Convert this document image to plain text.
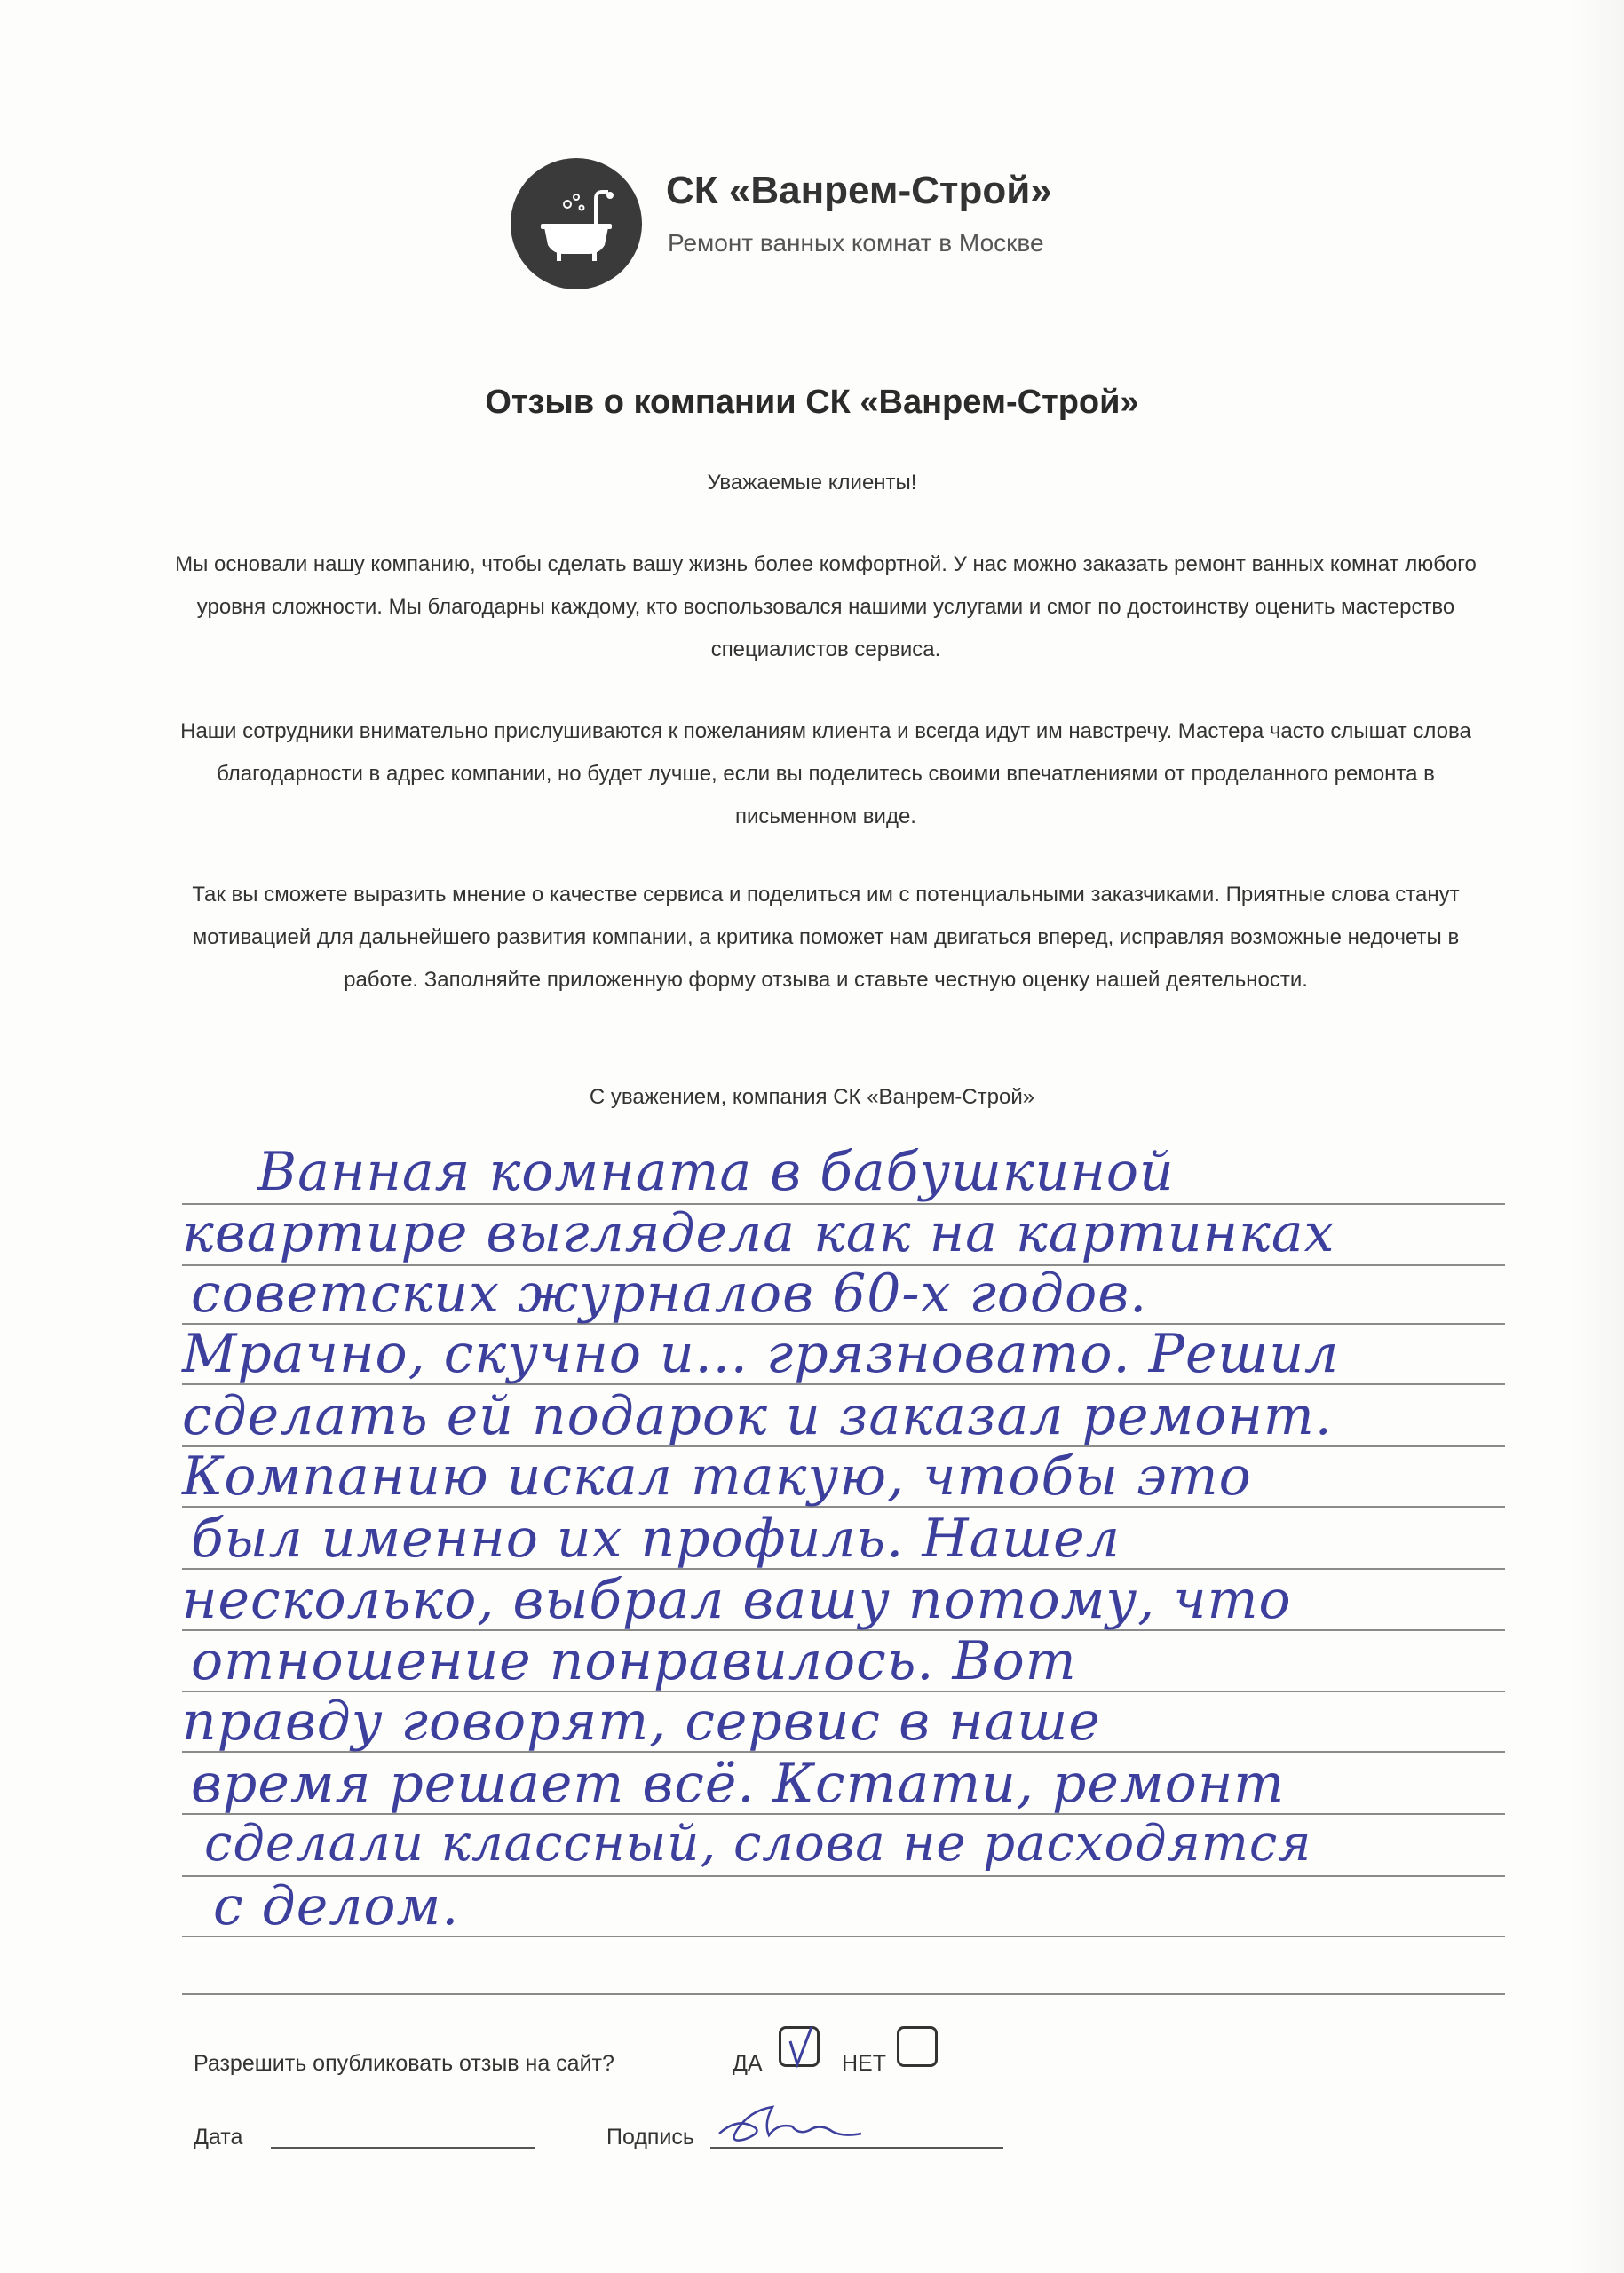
СК «Ванрем-Строй»
Ремонт ванных комнат в Москве
Отзыв о компании СК «Ванрем-Строй»
Уважаемые клиенты!
Мы основали нашу компанию, чтобы сделать вашу жизнь более комфортной. У нас можно заказать ремонт ванных комнат любого уровня сложности. Мы благодарны каждому, кто воспользовался нашими услугами и смог по достоинству оценить мастерство специалистов сервиса.
Наши сотрудники внимательно прислушиваются к пожеланиям клиента и всегда идут им навстречу. Мастера часто слышат слова благодарности в адрес компании, но будет лучше, если вы поделитесь своими впечатлениями от проделанного ремонта в письменном виде.
Так вы сможете выразить мнение о качестве сервиса и поделиться им с потенциальными заказчиками. Приятные слова станут мотивацией для дальнейшего развития компании, а критика поможет нам двигаться вперед, исправляя возможные недочеты в работе. Заполняйте приложенную форму отзыва и ставьте честную оценку нашей деятельности.
С уважением, компания СК «Ванрем-Строй»
Ванная комната в бабушкиной
квартире выглядела как на картинках
советских журналов 60-х годов.
Мрачно, скучно и... грязновато. Решил
сделать ей подарок и заказал ремонт.
Компанию искал такую, чтобы это
был именно их профиль. Нашел
несколько, выбрал вашу потому, что
отношение понравилось. Вот
правду говорят, сервис в наше
время решает всё. Кстати, ремонт
сделали классный, слова не расходятся
с делом.
Разрешить опубликовать отзыв на сайт?	ДА	НЕТ
Дата	Подпись
